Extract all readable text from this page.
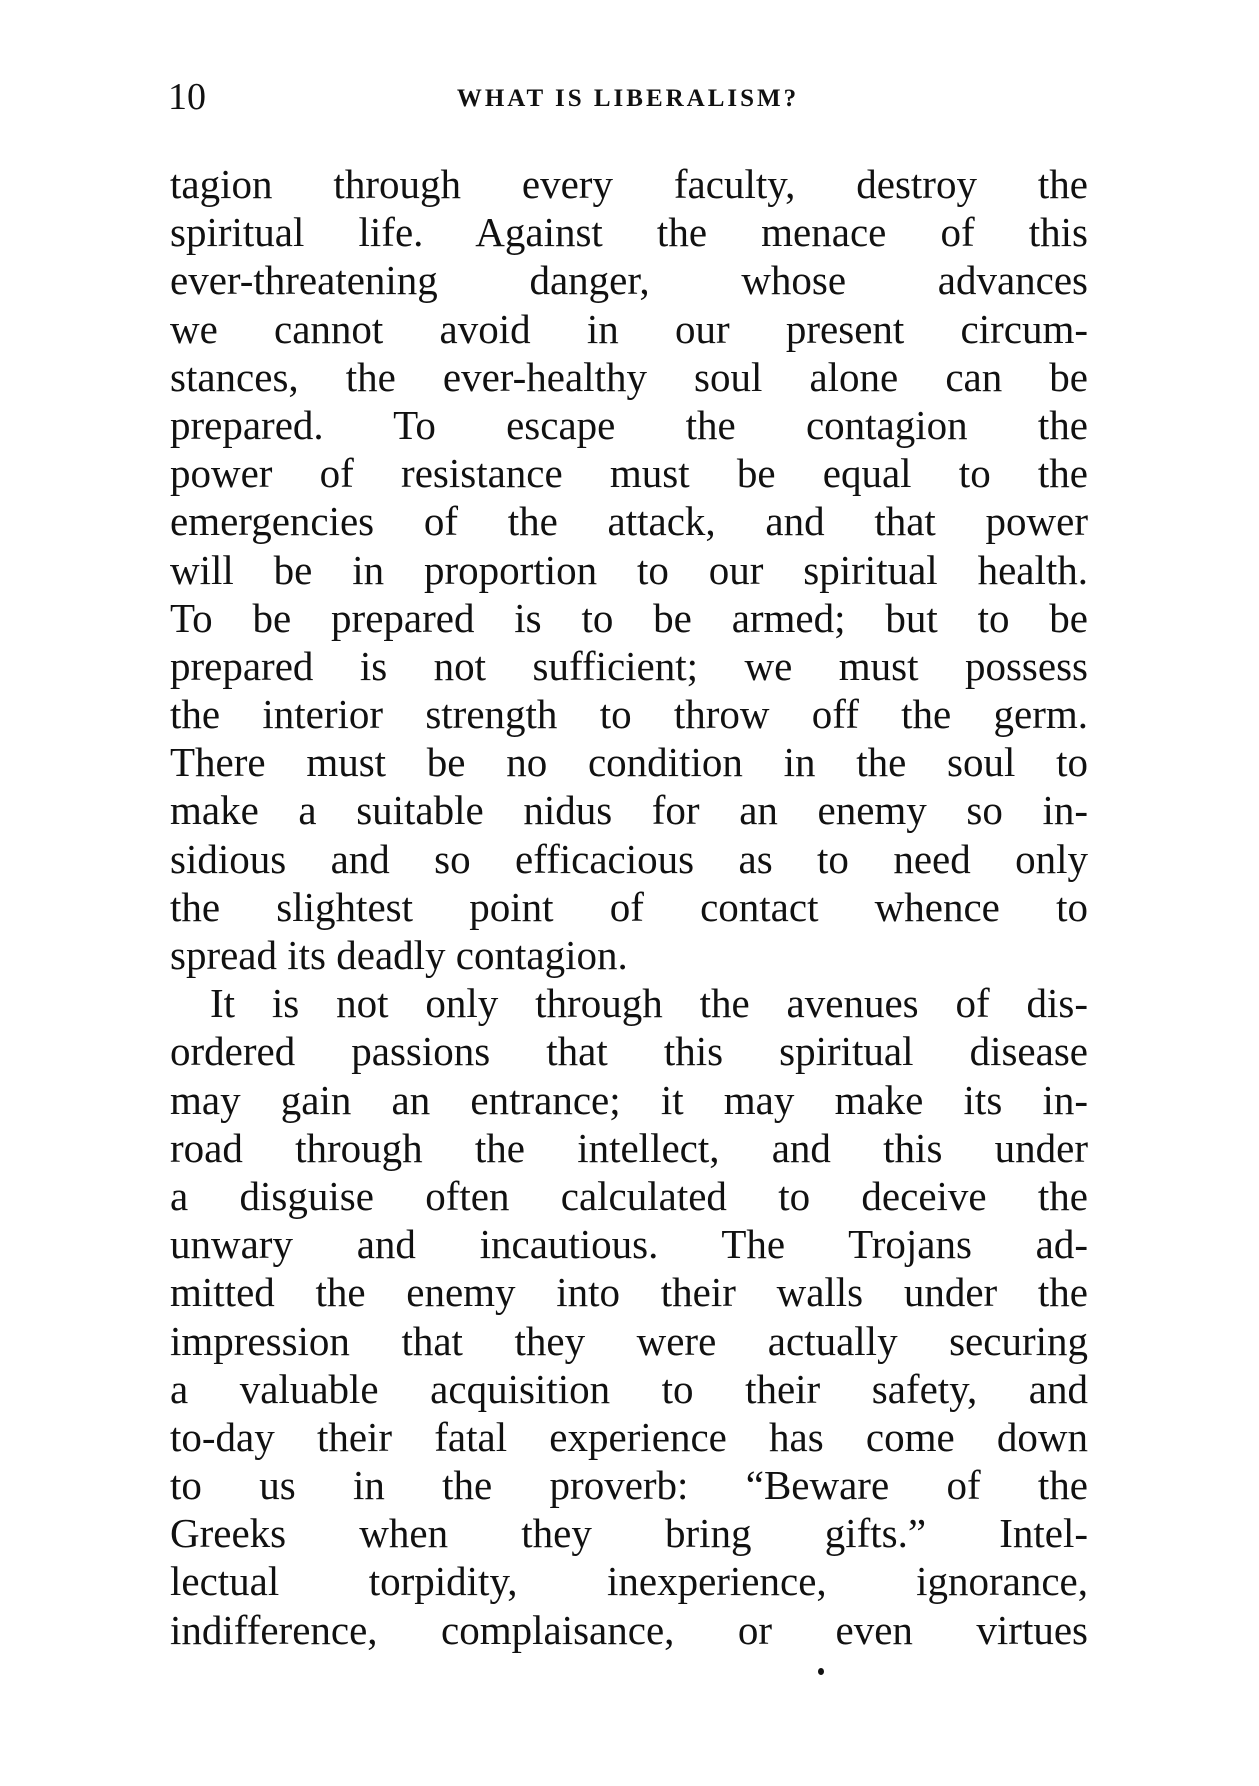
10	WHAT IS LIBERALISM?
tagion through every faculty, destroy the
spiritual life. Against the menace of this
ever-threatening danger, whose advances
we cannot avoid in our present circum-
stances, the ever-healthy soul alone can be
prepared. To escape the contagion the
power of resistance must be equal to the
emergencies of the attack, and that power
will be in proportion to our spiritual health.
To be prepared is to be armed; but to be
prepared is not sufficient; we must possess
the interior strength to throw off the germ.
There must be no condition in the soul to
make a suitable nidus for an enemy so in-
sidious and so efficacious as to need only
the slightest point of contact whence to
spread its deadly contagion.
It is not only through the avenues of dis-
ordered passions that this spiritual disease
may gain an entrance; it may make its in-
road through the intellect, and this under
a disguise often calculated to deceive the
unwary and incautious. The Trojans ad-
mitted the enemy into their walls under the
impression that they were actually securing
a valuable acquisition to their safety, and
to-day their fatal experience has come down
to us in the proverb: “Beware of the
Greeks when they bring gifts.” Intel-
lectual torpidity, inexperience, ignorance,
indifference, complaisance, or even virtues
